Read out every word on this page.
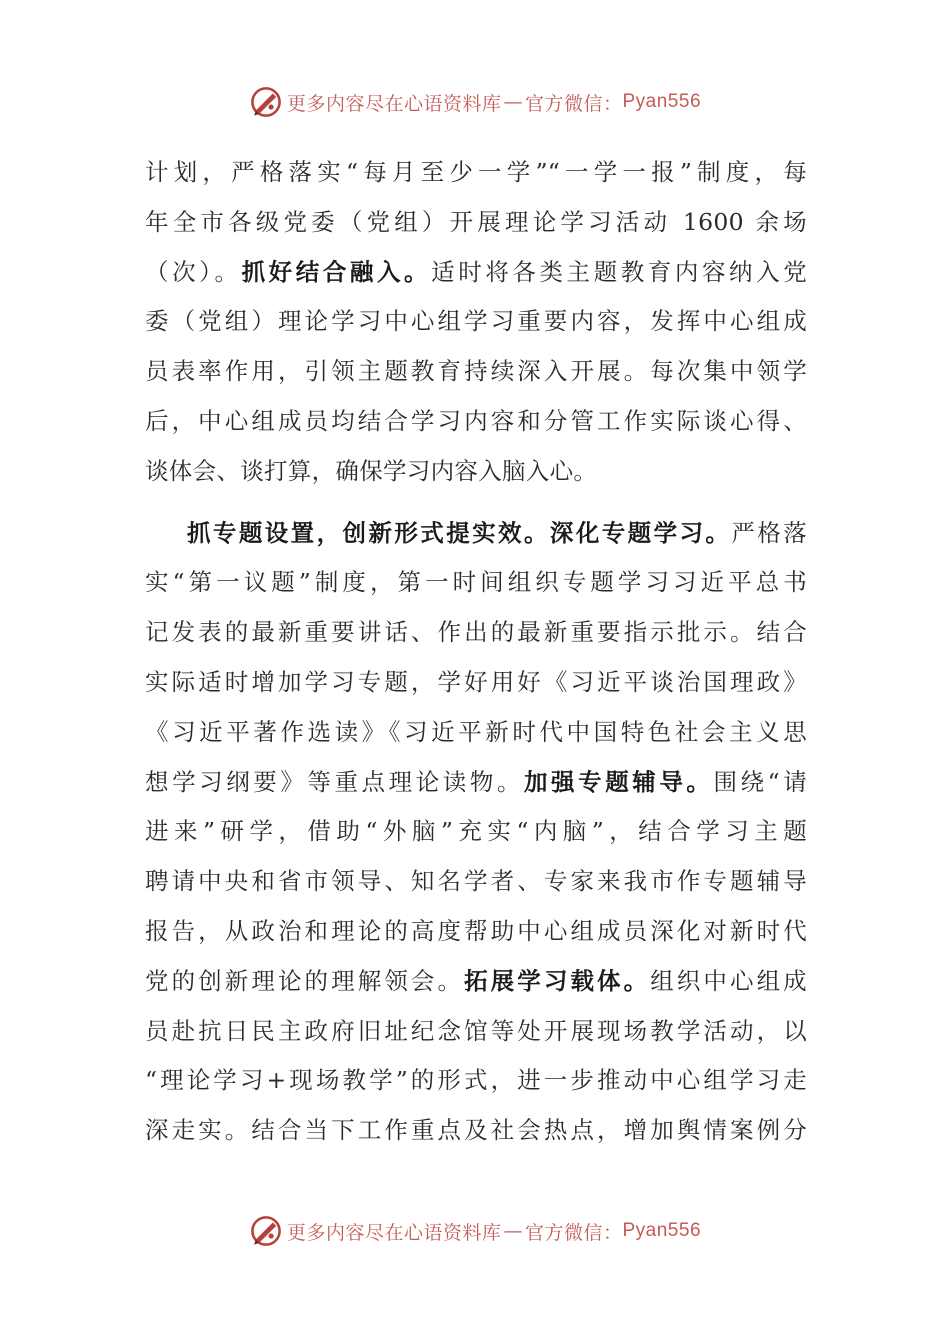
更多内容尽在心语资料库 — 官方微信： Pyan556
计划，严格落实“每月至少一学”“一学一报”制度，每
年全市各级党委（党组）开展理论学习活动 1600 余场
（次）。抓好结合融入。适时将各类主题教育内容纳入党
委（党组）理论学习中心组学习重要内容，发挥中心组成
员表率作用，引领主题教育持续深入开展。每次集中领学
后，中心组成员均结合学习内容和分管工作实际谈心得、
谈体会、谈打算，确保学习内容入脑入心。
抓专题设置，创新形式提实效。深化专题学习。严格落
实“第一议题”制度，第一时间组织专题学习习近平总书
记发表的最新重要讲话、作出的最新重要指示批示。结合
实际适时增加学习专题，学好用好《习近平谈治国理政》
《习近平著作选读》《习近平新时代中国特色社会主义思
想学习纲要》等重点理论读物。加强专题辅导。围绕“请
进来”研学，借助“外脑”充实“内脑”，结合学习主题
聘请中央和省市领导、知名学者、专家来我市作专题辅导
报告，从政治和理论的高度帮助中心组成员深化对新时代
党的创新理论的理解领会。拓展学习载体。组织中心组成
员赴抗日民主政府旧址纪念馆等处开展现场教学活动，以
“理论学习+现场教学”的形式，进一步推动中心组学习走
深走实。结合当下工作重点及社会热点，增加舆情案例分
更多内容尽在心语资料库 — 官方微信： Pyan556
